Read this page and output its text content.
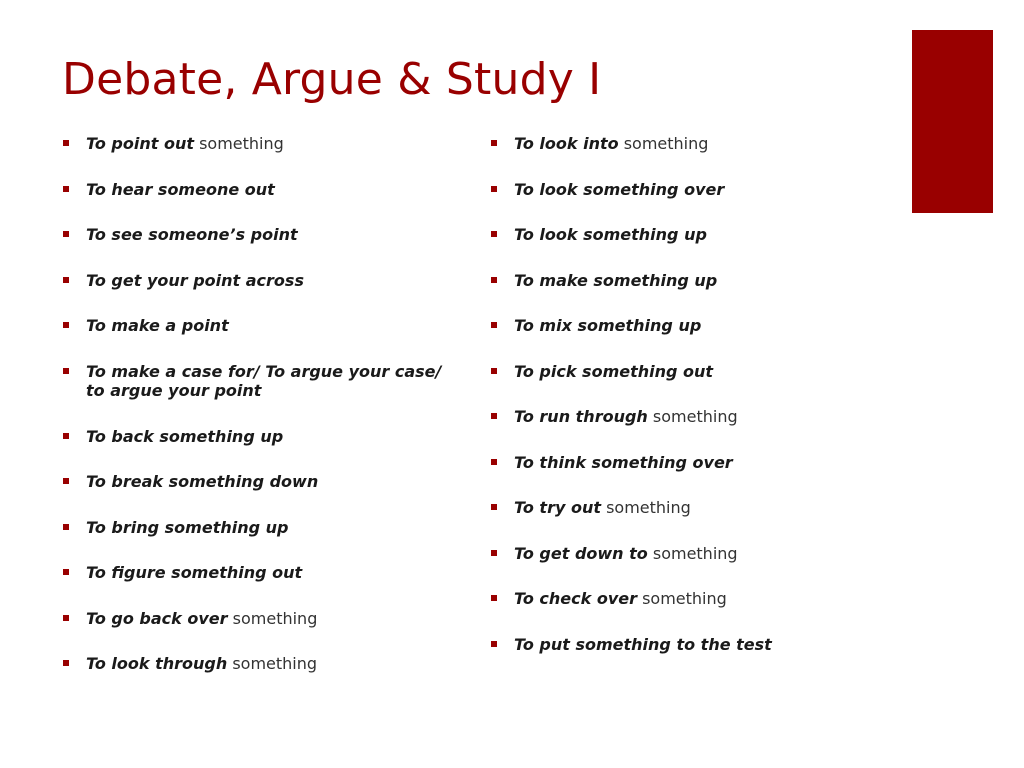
Debate, Argue & Study I
To point out something
To hear someone out
To see someone’s point
To get your point across
To make a point
To make a case for/ To argue your case/ to argue your point
To back something up
To break something down
To bring something up
To figure something out
To go back over something
To look through something
To look into something
To look something over
To look something up
To make something up
To mix something up
To pick something out
To run through something
To think something over
To try out something
To get down to something
To check over something
To put something to the test
